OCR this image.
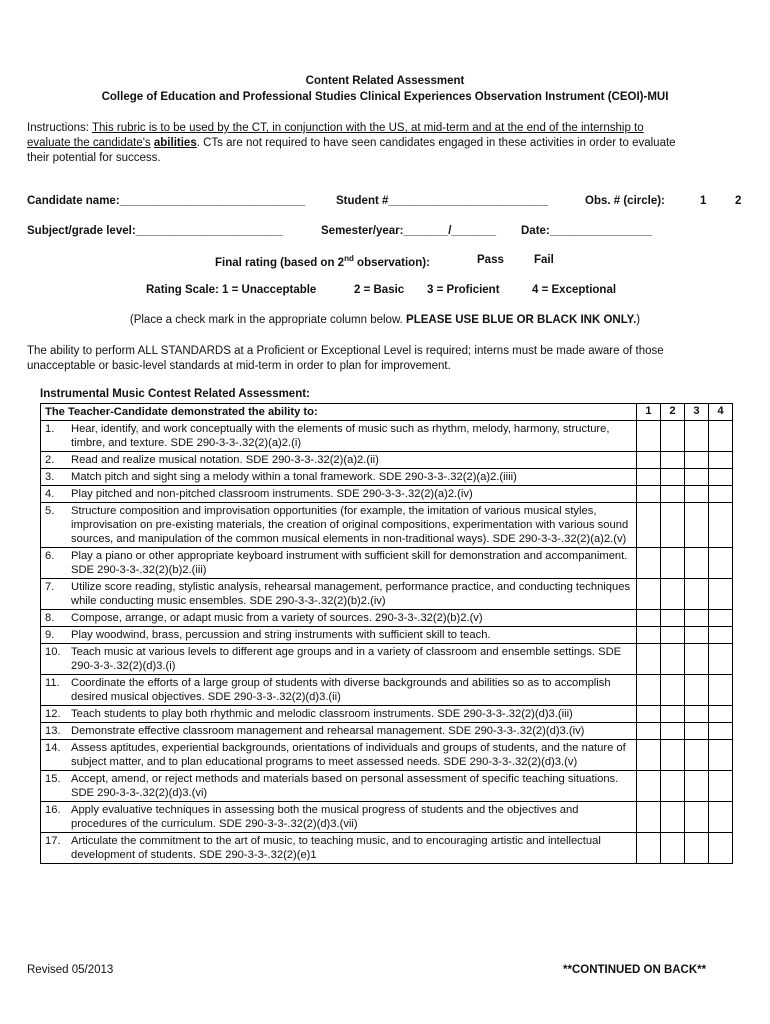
Content Related Assessment
College of Education and Professional Studies Clinical Experiences Observation Instrument (CEOI)-MUI
Instructions: This rubric is to be used by the CT, in conjunction with the US, at mid-term and at the end of the internship to
evaluate the candidate's abilities. CTs are not required to have seen candidates engaged in these activities in order to evaluate
their potential for success.
Candidate name:_____________________________	Student #_________________________	Obs. # (circle):	1 2
Subject/grade level:_______________________	Semester/year:_______/_______ Date:________________
Final rating (based on 2nd observation):	Pass	Fail
Rating Scale: 1 = Unacceptable	2 = Basic 3 = Proficient	4 = Exceptional
(Place a check mark in the appropriate column below. PLEASE USE BLUE OR BLACK INK ONLY.)
The ability to perform ALL STANDARDS at a Proficient or Exceptional Level is required; interns must be made aware of those
unacceptable or basic-level standards at mid-term in order to plan for improvement.
Instrumental Music Contest Related Assessment:
The Teacher-Candidate demonstrated the ability to:	1	2	3	4

1. Hear, identify, and work conceptually with the elements of music such as rhythm, melody, harmony, structure, timbre, and texture. SDE 290-3-3-.32(2)(a)2.(i)				

2. Read and realize musical notation. SDE 290-3-3-.32(2)(a)2.(ii)				

3. Match pitch and sight sing a melody within a tonal framework. SDE 290-3-3-.32(2)(a)2.(iiii)				

4. Play pitched and non-pitched classroom instruments. SDE 290-3-3-.32(2)(a)2.(iv)				

5. Structure composition and improvisation opportunities (for example, the imitation of various musical styles, improvisation on pre-existing materials, the creation of original compositions, experimentation with various sound sources, and manipulation of the common musical elements in non-traditional ways). SDE 290-3-3-.32(2)(a)2.(v)				

6. Play a piano or other appropriate keyboard instrument with sufficient skill for demonstration and accompaniment. SDE 290-3-3-.32(2)(b)2.(iii)				

7. Utilize score reading, stylistic analysis, rehearsal management, performance practice, and conducting techniques while conducting music ensembles. SDE 290-3-3-.32(2)(b)2.(iv)				

8. Compose, arrange, or adapt music from a variety of sources. 290-3-3-.32(2)(b)2.(v)				

9. Play woodwind, brass, percussion and string instruments with sufficient skill to teach.				

10. Teach music at various levels to different age groups and in a variety of classroom and ensemble settings. SDE 290-3-3-.32(2)(d)3.(i)				

11. Coordinate the efforts of a large group of students with diverse backgrounds and abilities so as to accomplish desired musical objectives. SDE 290-3-3-.32(2)(d)3.(ii)				

12. Teach students to play both rhythmic and melodic classroom instruments. SDE 290-3-3-.32(2)(d)3.(iii)				

13. Demonstrate effective classroom management and rehearsal management. SDE 290-3-3-.32(2)(d)3.(iv)				

14. Assess aptitudes, experiential backgrounds, orientations of individuals and groups of students, and the nature of subject matter, and to plan educational programs to meet assessed needs. SDE 290-3-3-.32(2)(d)3.(v)				

15. Accept, amend, or reject methods and materials based on personal assessment of specific teaching situations. SDE 290-3-3-.32(2)(d)3.(vi)				

16. Apply evaluative techniques in assessing both the musical progress of students and the objectives and procedures of the curriculum. SDE 290-3-3-.32(2)(d)3.(vii)				

17. Articulate the commitment to the art of music, to teaching music, and to encouraging artistic and intellectual development of students. SDE 290-3-3-.32(2)(e)1				

Revised 05/2013	**CONTINUED ON BACK**
